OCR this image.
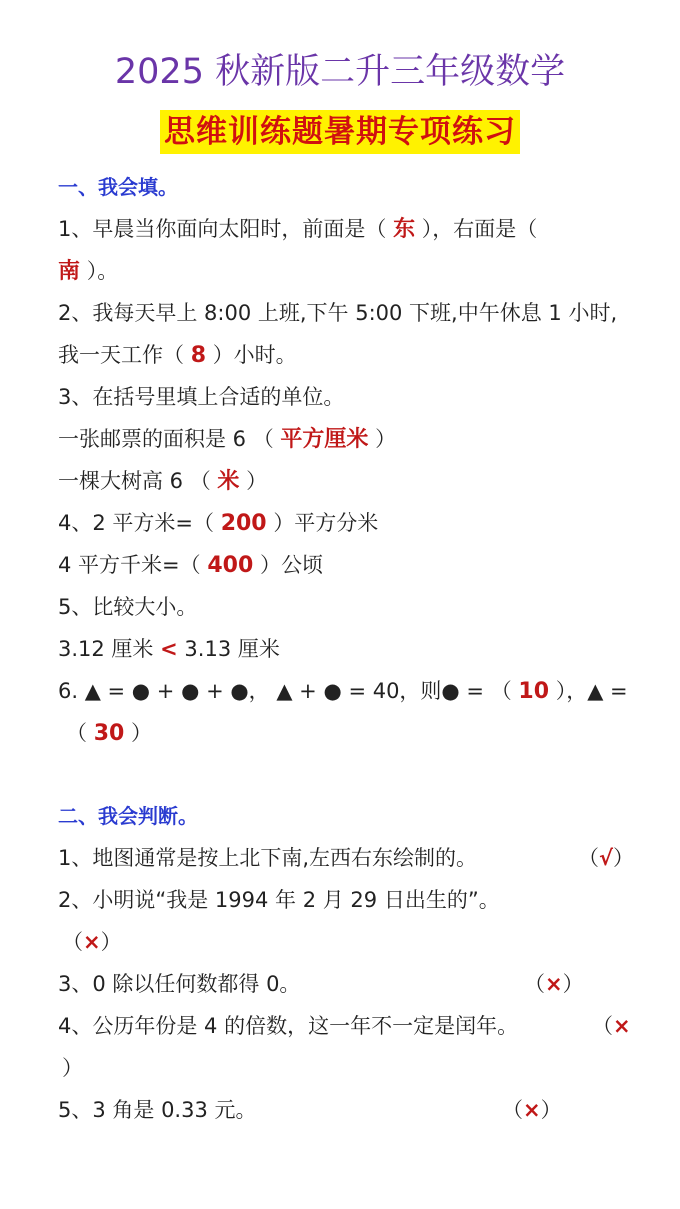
2025 秋新版二升三年级数学
思维训练题暑期专项练习
一、我会填。
1、早晨当你面向太阳时，前面是（ 东 ），右面是（
南 ）。
2、我每天早上 8:00 上班,下午 5:00 下班,中午休息 1 小时,
我一天工作（ 8 ）小时。
3、在括号里填上合适的单位。
一张邮票的面积是 6 （ 平方厘米 ）
一棵大树高 6 （ 米 ）
4、2 平方米=（ 200 ）平方分米
4 平方千米=（ 400 ）公顷
5、比较大小。
3.12 厘米 < 3.13 厘米
6. ▲ = ● + ● + ●， ▲ + ● = 40，则● = （ 10 ），▲ =
（ 30 ）
二、我会判断。
1、地图通常是按上北下南,左西右东绘制的。	（√）
2、小明说“我是 1994 年 2 月 29 日出生的”。
（×）
3、0 除以任何数都得 0。	（×）
4、公历年份是 4 的倍数，这一年不一定是闰年。	（×
）
5、3 角是 0.33 元。	（×）
